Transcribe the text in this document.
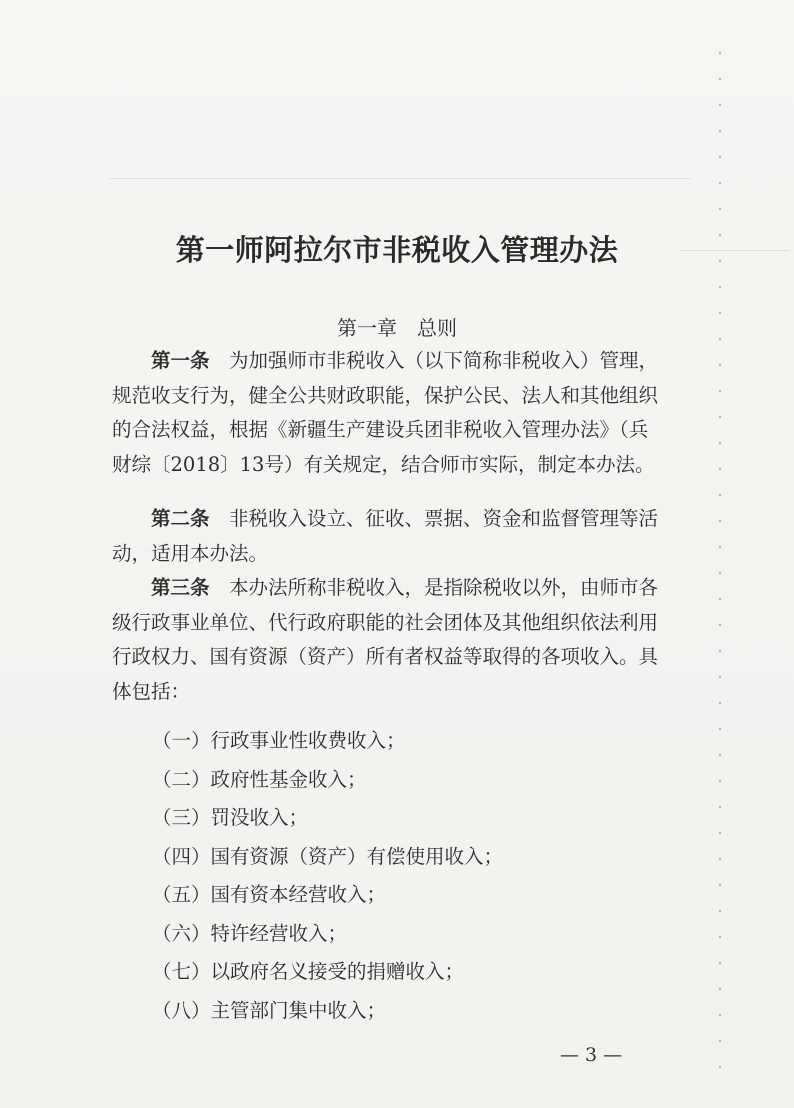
第一师阿拉尔市非税收入管理办法
第一章　总则
第一条　 为加强师市非税收入（以下简称非税收入）管理，
规范收支行为，健全公共财政职能，保护公民、法人和其他组织
的合法权益，根据《新疆生产建设兵团非税收入管理办法》（兵
财综〔2018〕13号）有关规定，结合师市实际，制定本办法。
第二条　 非税收入设立、征收、票据、资金和监督管理等活
动，适用本办法。
第三条　 本办法所称非税收入，是指除税收以外，由师市各
级行政事业单位、代行政府职能的社会团体及其他组织依法利用
行政权力、国有资源（资产）所有者权益等取得的各项收入。具
体包括：
（一）行政事业性收费收入；
（二）政府性基金收入；
（三）罚没收入；
（四）国有资源（资产）有偿使用收入；
（五）国有资本经营收入；
（六）特许经营收入；
（七）以政府名义接受的捐赠收入；
（八）主管部门集中收入；
— 3 —
